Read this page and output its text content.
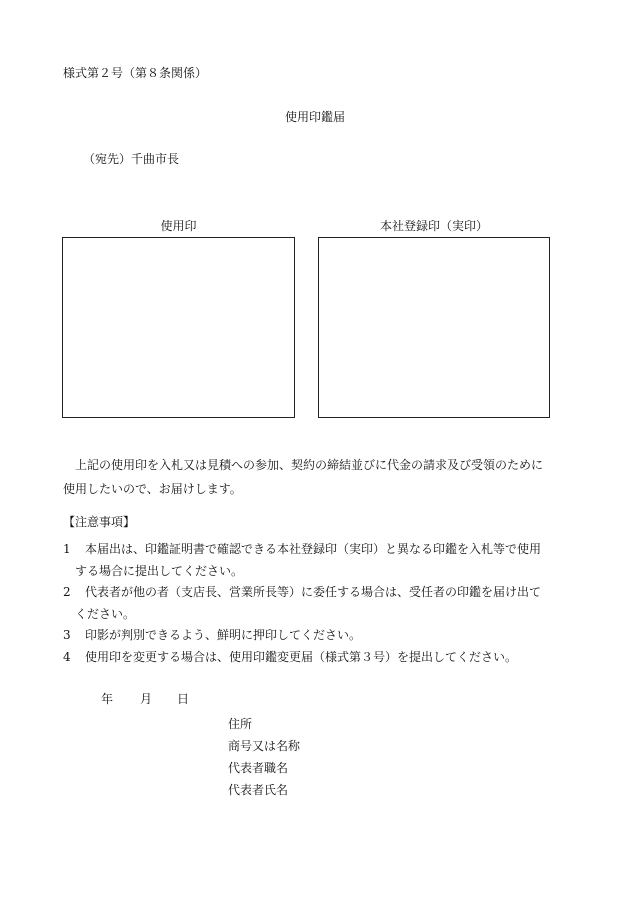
様式第２号（第８条関係）
使用印鑑届
（宛先）千曲市長
使用印	本社登録印（実印）
　上記の使用印を入札又は見積への参加、契約の締結並びに代金の請求及び受領のために
使用したいので、お届けします。
【注意事項】
1 本届出は、印鑑証明書で確認できる本社登録印（実印）と異なる印鑑を入札等で使用
する場合に提出してください。
2 代表者が他の者（支店長、営業所長等）に委任する場合は、受任者の印鑑を届け出て
ください。
3 印影が判別できるよう、鮮明に押印してください。
4 使用印を変更する場合は、使用印鑑変更届（様式第３号）を提出してください。
年 月 日
住所
商号又は名称
代表者職名
代表者氏名
